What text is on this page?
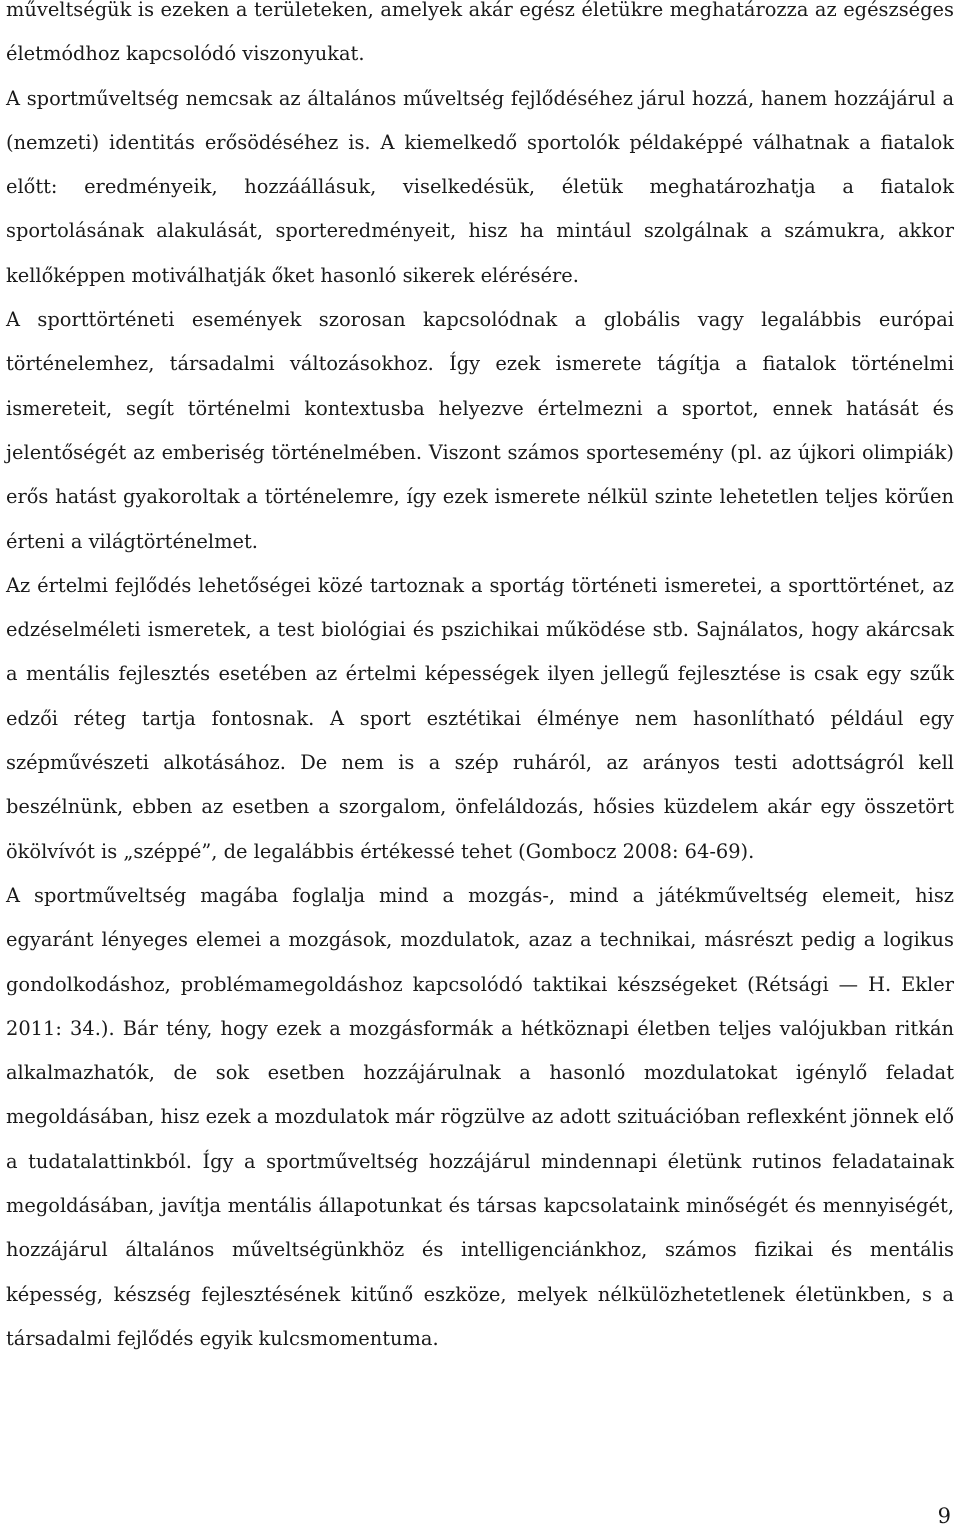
műveltségük is ezeken a területeken, amelyek akár egész életükre meghatározza az egészséges életmódhoz kapcsolódó viszonyukat.

A sportműveltség nemcsak az általános műveltség fejlődéséhez járul hozzá, hanem hozzájárul a (nemzeti) identitás erősödéséhez is. A kiemelkedő sportolók példaképpé válhatnak a fiatalok előtt: eredményeik, hozzáállásuk, viselkedésük, életük meghatározhatja a fiatalok sportolásának alakulását, sporteredményeit, hisz ha mintául szolgálnak a számukra, akkor kellőképpen motiválhatják őket hasonló sikerek elérésére.

A sporttörténeti események szorosan kapcsolódnak a globális vagy legalábbis európai történelemhez, társadalmi változásokhoz. Így ezek ismerete tágítja a fiatalok történelmi ismereteit, segít történelmi kontextusba helyezve értelmezni a sportot, ennek hatását és jelentőségét az emberiség történelmében. Viszont számos sportesemény (pl. az újkori olimpiák) erős hatást gyakoroltak a történelemre, így ezek ismerete nélkül szinte lehetetlen teljes körűen érteni a világtörténelmet.

Az értelmi fejlődés lehetőségei közé tartoznak a sportág történeti ismeretei, a sporttörténet, az edzéselméleti ismeretek, a test biológiai és pszichikai működése stb. Sajnálatos, hogy akárcsak a mentális fejlesztés esetében az értelmi képességek ilyen jellegű fejlesztése is csak egy szűk edzői réteg tartja fontosnak. A sport esztétikai élménye nem hasonlítható például egy szépművészeti alkotásához. De nem is a szép ruháról, az arányos testi adottságról kell beszélnünk, ebben az esetben a szorgalom, önfeláldozás, hősies küzdelem akár egy összetört ökölvívót is „széppé”, de legalábbis értékessé tehet (Gombocz 2008: 64-69).

A sportműveltség magába foglalja mind a mozgás-, mind a játékműveltség elemeit, hisz egyaránt lényeges elemei a mozgások, mozdulatok, azaz a technikai, másrészt pedig a logikus gondolkodáshoz, problémamegoldáshoz kapcsolódó taktikai készségeket (Rétsági — H. Ekler 2011: 34.). Bár tény, hogy ezek a mozgásformák a hétköznapi életben teljes valójukban ritkán alkalmazhatók, de sok esetben hozzájárulnak a hasonló mozdulatokat igénylő feladat megoldásában, hisz ezek a mozdulatok már rögzülve az adott szituációban reflexként jönnek elő a tudatalattinkból. Így a sportműveltség hozzájárul mindennapi életünk rutinos feladatainak megoldásában, javítja mentális állapotunkat és társas kapcsolataink minőségét és mennyiségét, hozzájárul általános műveltségünkhöz és intelligenciánkhoz, számos fizikai és mentális képesség, készség fejlesztésének kitűnő eszköze, melyek nélkülözhetetlenek életünkben, s a társadalmi fejlődés egyik kulcsmomentuma.

9
